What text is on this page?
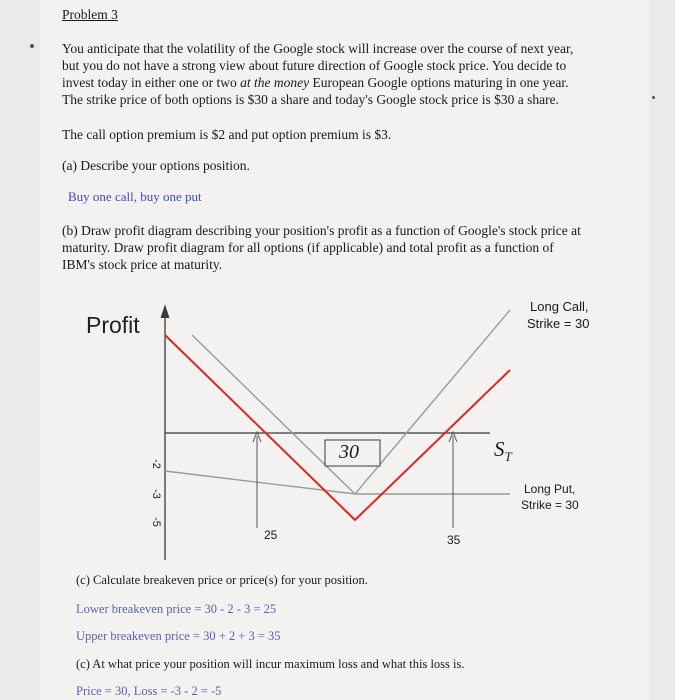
Problem 3
You anticipate that the volatility of the Google stock will increase over the course of next year,
but you do not have a strong view about future direction of Google stock price. You decide to
invest today in either one or two at the money European Google options maturing in one year.
The strike price of both options is $30 a share and today's Google stock price is $30 a share.
The call option premium is $2 and put option premium is $3.
(a) Describe your options position.
Buy one call, buy one put
(b) Draw profit diagram describing your position's profit as a function of Google's stock price at
maturity. Draw profit diagram for all options (if applicable) and total profit as a function of
IBM's stock price at maturity.
Profit
-2
-3
-5
25	35
30	$S_T$
Long Call,
Strike = 30
Long Put,
Strike = 30
(c) Calculate breakeven price or price(s) for your position.
Lower breakeven price = 30 - 2 - 3 = 25
Upper breakeven price = 30 + 2 + 3 = 35
(c) At what price your position will incur maximum loss and what this loss is.
Price = 30, Loss = -3 - 2 = -5
